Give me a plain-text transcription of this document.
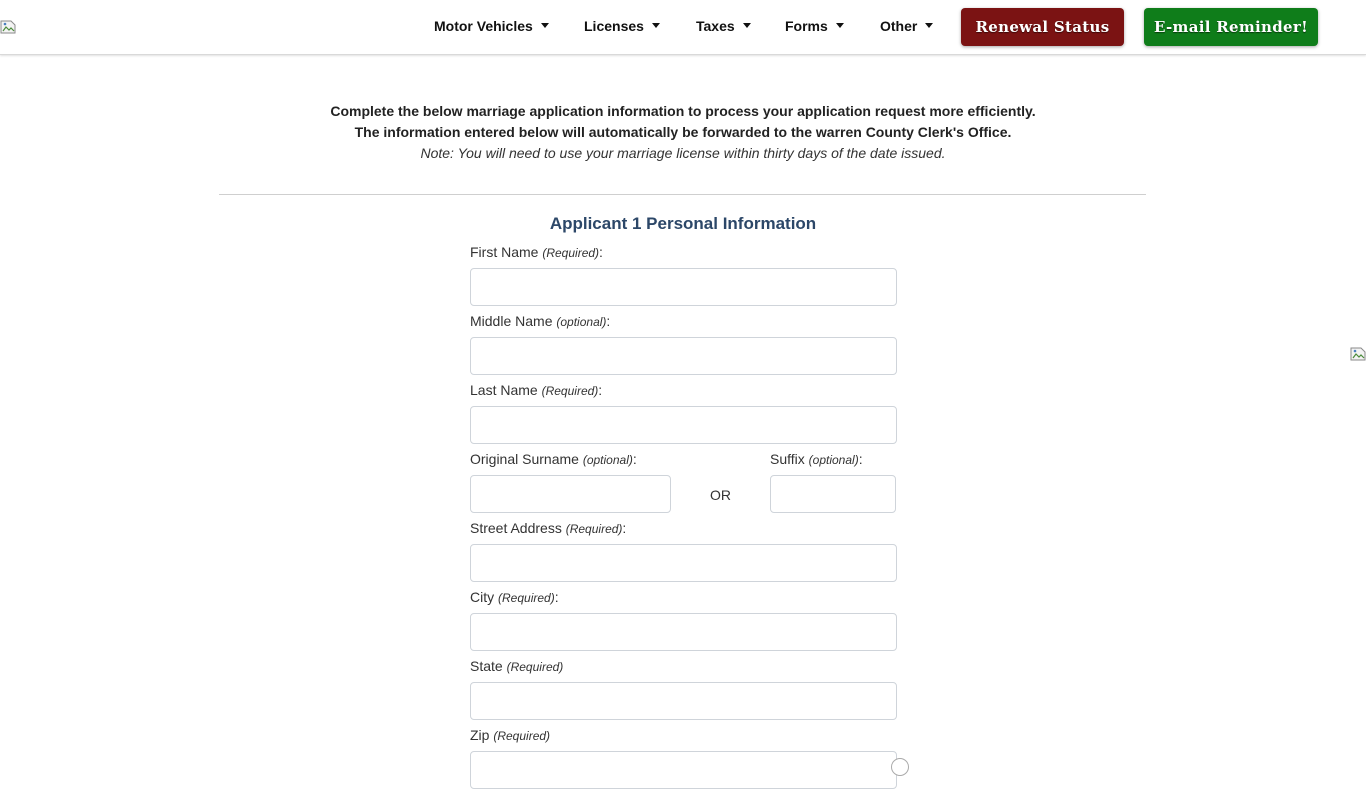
Motor Vehicles	Licenses	Taxes	Forms	Other	Renewal Status	E-mail Reminder!
Complete the below marriage application information to process your application request more efficiently.
The information entered below will automatically be forwarded to the warren County Clerk's Office.
Note: You will need to use your marriage license within thirty days of the date issued.
Applicant 1 Personal Information
First Name (Required):
Middle Name (optional):
Last Name (Required):
Original Surname (optional):
OR
Suffix (optional):
Street Address (Required):
City (Required):
State (Required)
Zip (Required)
